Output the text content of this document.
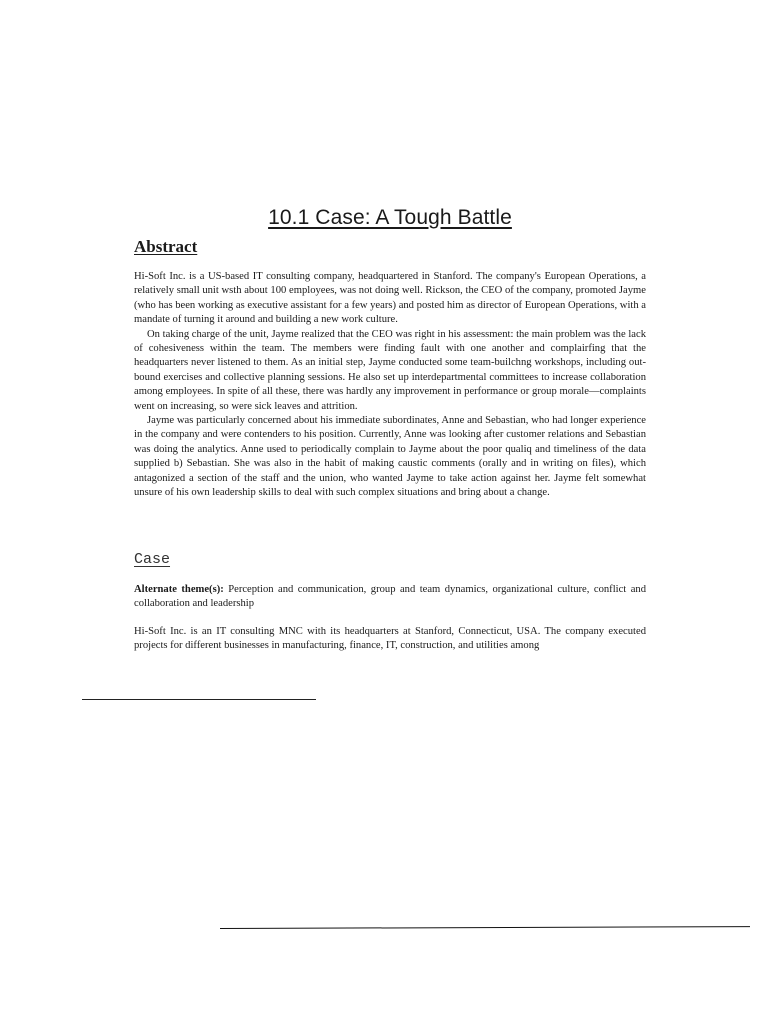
10.1 Case: A Tough Battle
Abstract

Hi-Soft Inc. is a US-based IT consulting company, headquartered in Stanford. The company's European Operations, a relatively small unit wsth about 100 employees, was not doing well. Rickson, the CEO of the company, promoted Jayme (who has been working as executive assistant for a few years) and posted him as director of European Operations, with a mandate of turning it around and building a new work culture.

On taking charge of the unit, Jayme realized that the CEO was right in his assessment: the main problem was the lack of cohesiveness within the team. The members were finding fault with one another and complairfing that the headquarters never listened to them. As an initial step, Jayme conducted some team-builchng workshops, including out-bound exercises and collective planning sessions. He also set up interdepartmental committees to increase collaboration among employees. In spite of all these, there was hardly any improvement in performance or group morale—complaints went on increasing, so were sick leaves and attrition.

Jayme was particularly concerned about his immediate subordinates, Anne and Sebastian, who had longer experience in the company and were contenders to his position. Currently, Anne was looking after customer relations and Sebastian was doing the analytics. Anne used to periodically complain to Jayme about the poor qualiq and timeliness of the data supplied b) Sebastian. She was also in the habit of making caustic comments (orally and in writing on files), which antagonized a section of the staff and the union, who wanted Jayme to take action against her. Jayme felt somewhat unsure of his own leadership skills to deal with such complex situations and bring about a change.

Case

Alternate theme(s): Perception and communication, group and team dynamics, organizational culture, conflict and collaboration and leadership

Hi-Soft Inc. is an IT consulting MNC with its headquarters at Stanford, Connecticut, USA. The company executed projects for different businesses in manufacturing, finance, IT, construction, and utilities among
